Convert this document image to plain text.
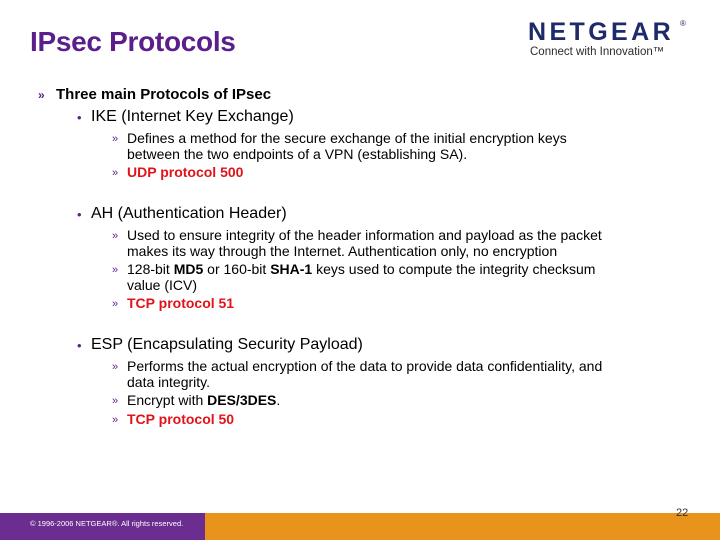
IPsec Protocols	NETGEAR ®
Connect with Innovation™
» Three main Protocols of IPsec
• IKE (Internet Key Exchange)
» Defines a method for the secure exchange of the initial encryption keys
between the two endpoints of a VPN (establishing SA).
» UDP protocol 500
• AH (Authentication Header)
» Used to ensure integrity of the header information and payload as the packet
makes its way through the Internet. Authentication only, no encryption
» 128-bit MD5 or 160-bit SHA-1 keys used to compute the integrity checksum
value (ICV)
» TCP protocol 51
• ESP (Encapsulating Security Payload)
» Performs the actual encryption of the data to provide data confidentiality, and
data integrity.
» Encrypt with DES/3DES.
» TCP protocol 50
© 1996-2006 NETGEAR®. All rights reserved.
22
